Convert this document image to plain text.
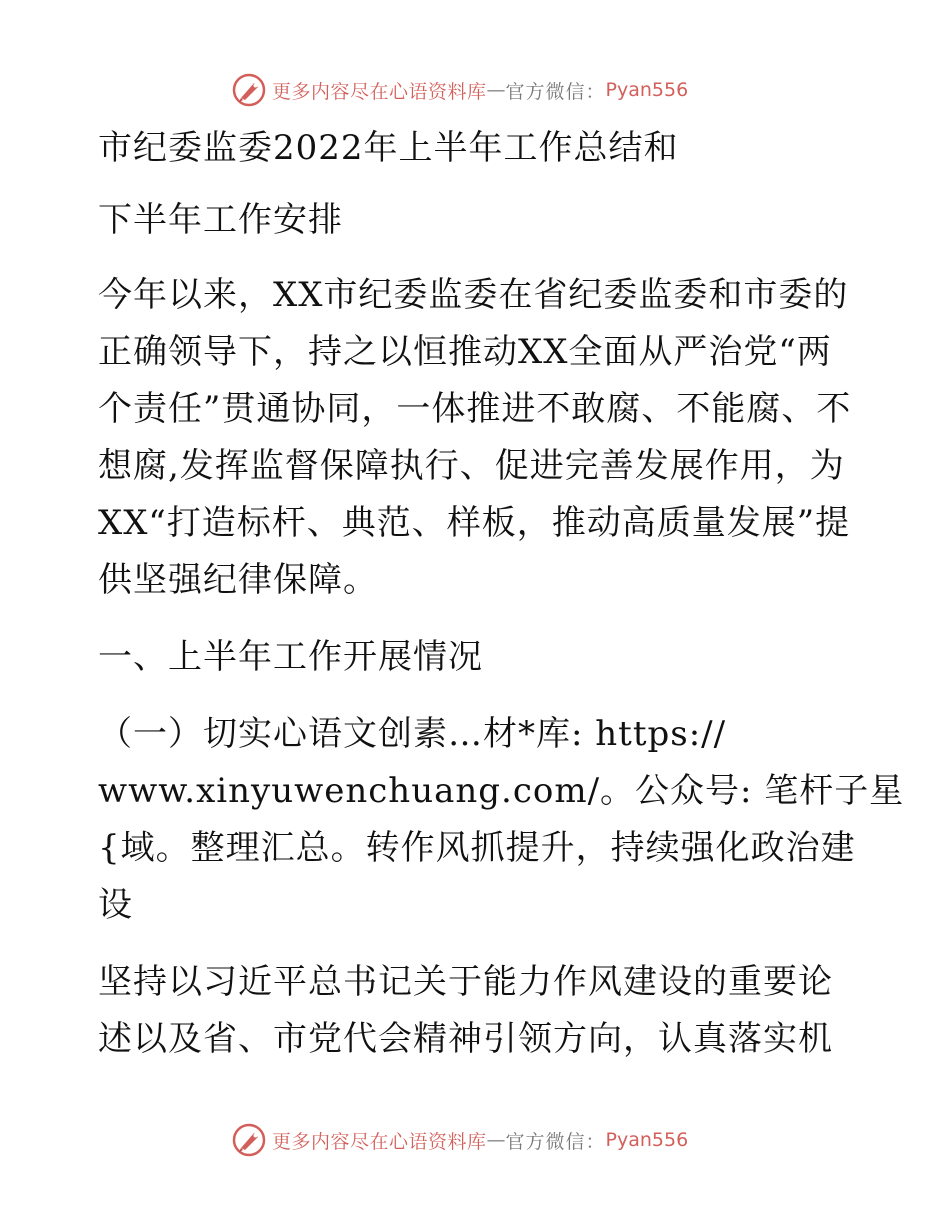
更多内容尽在心语资料库 — 官方微信： Pyan556
市纪委监委2022年上半年工作总结和
下半年工作安排
今年以来，XX市纪委监委在省纪委监委和市委的
正确领导下，持之以恒推动XX全面从严治党“两
个责任”贯通协同，一体推进不敢腐、不能腐、不
想腐,发挥监督保障执行、促进完善发展作用，为
XX“打造标杆、典范、样板，推动高质量发展”提
供坚强纪律保障。
一、上半年工作开展情况
（一）切实心语文创素…材*库: https://
www.xinyuwenchuang.com/。公众号: 笔杆子星
{域。整理汇总。转作风抓提升，持续强化政治建
设
坚持以习近平总书记关于能力作风建设的重要论
述以及省、市党代会精神引领方向，认真落实机
更多内容尽在心语资料库 — 官方微信： Pyan556
